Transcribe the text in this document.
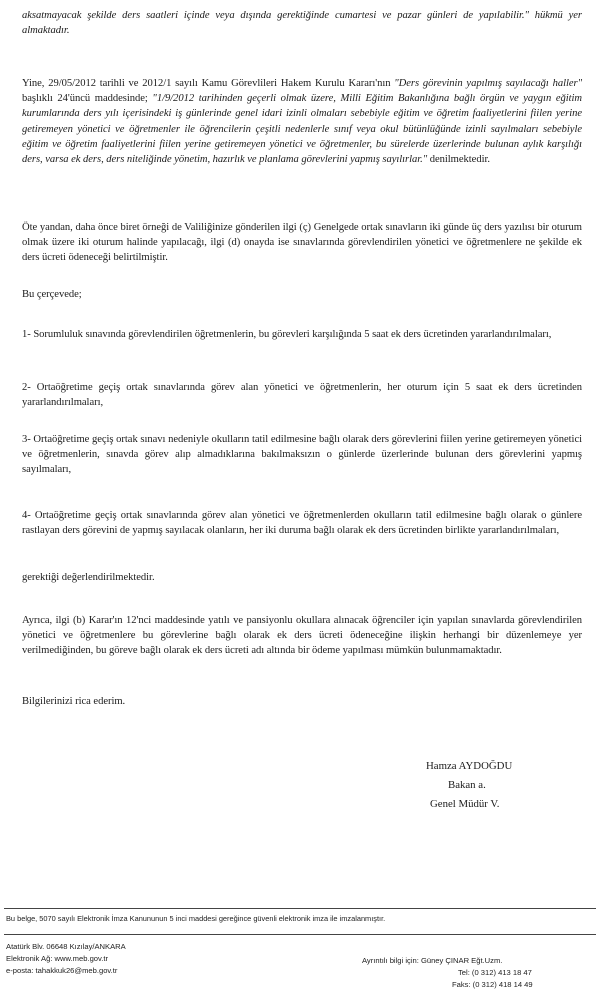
aksatmayacak şekilde ders saatleri içinde veya dışında gerektiğinde cumartesi ve pazar günleri de yapılabilir." hükmü yer almaktadır.

Yine, 29/05/2012 tarihli ve 2012/1 sayılı Kamu Görevlileri Hakem Kurulu Kararı'nın "Ders görevinin yapılmış sayılacağı haller" başlıklı 24'üncü maddesinde; "1/9/2012 tarihinden geçerli olmak üzere, Milli Eğitim Bakanlığına bağlı örgün ve yaygın eğitim kurumlarında ders yılı içerisindeki iş günlerinde genel idari izinli olmaları sebebiyle eğitim ve öğretim faaliyetlerini fiilen yerine getiremeyen yönetici ve öğretmenler ile öğrencilerin çeşitli nedenlerle sınıf veya okul bütünlüğünde izinli sayılmaları sebebiyle eğitim ve öğretim faaliyetlerini fiilen yerine getiremeyen yönetici ve öğretmenler, bu sürelerde üzerlerinde bulunan aylık karşılığı ders, varsa ek ders, ders niteliğinde yönetim, hazırlık ve planlama görevlerini yapmış sayılırlar." denilmektedir.

Öte yandan, daha önce biret örneği de Valiliğinize gönderilen ilgi (ç) Genelgede ortak sınavların iki günde üç ders yazılısı bir oturum olmak üzere iki oturum halinde yapılacağı, ilgi (d) onayda ise sınavlarında görevlendirilen yönetici ve öğretmenlere ne şekilde ek ders ücreti ödeneceği belirtilmiştir.

Bu çerçevede;

1- Sorumluluk sınavında görevlendirilen öğretmenlerin, bu görevleri karşılığında 5 saat ek ders ücretinden yararlandırılmaları,

2- Ortaöğretime geçiş ortak sınavlarında görev alan yönetici ve öğretmenlerin, her oturum için 5 saat ek ders ücretinden yararlandırılmaları,

3- Ortaöğretime geçiş ortak sınavı nedeniyle okulların tatil edilmesine bağlı olarak ders görevlerini fiilen yerine getiremeyen yönetici ve öğretmenlerin, sınavda görev alıp almadıklarına bakılmaksızın o günlerde üzerlerinde bulunan ders görevlerini yapmış sayılmaları,

4- Ortaöğretime geçiş ortak sınavlarında görev alan yönetici ve öğretmenlerden okulların tatil edilmesine bağlı olarak o günlere rastlayan ders görevini de yapmış sayılacak olanların, her iki duruma bağlı olarak ek ders ücretinden birlikte yararlandırılmaları,

gerektiği değerlendirilmektedir.

Ayrıca, ilgi (b) Karar'ın 12'nci maddesinde yatılı ve pansiyonlu okullara alınacak öğrenciler için yapılan sınavlarda görevlendirilen yönetici ve öğretmenlere bu görevlerine bağlı olarak ek ders ücreti ödeneceğine ilişkin herhangi bir düzenlemeye yer verilmediğinden, bu göreve bağlı olarak ek ders ücreti adı altında bir ödeme yapılması mümkün bulunmamaktadır.

Bilgilerinizi rica ederim.

Hamza AYDOĞDU
Bakan a.
Genel Müdür V.
Bu belge, 5070 sayılı Elektronik İmza Kanununun 5 inci maddesi gereğince güvenli elektronik imza ile imzalanmıştır.
Atatürk Blv. 06648 Kızılay/ANKARA
Elektronik Ağ: www.meb.gov.tr
e-posta: tahakkuk26@meb.gov.tr
Ayrıntılı bilgi için: Güney ÇINAR Eğt.Uzm.
Tel: (0 312) 413 18 47
Faks: (0 312) 418 14 49
